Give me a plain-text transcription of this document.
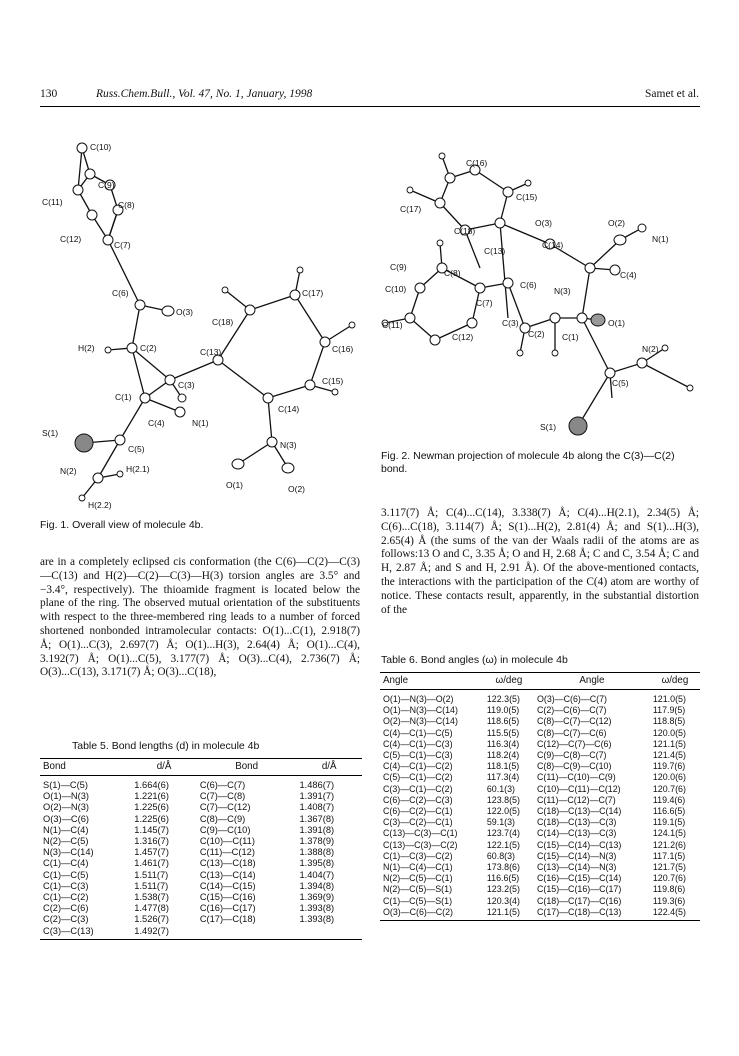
130	Russ.Chem.Bull., Vol. 47, No. 1, January, 1998	Samet et al.
C(10)
C(9)
C(11)	C(8)
C(12)
C(7)
C(6)
O(3)
C(17)
C(18)
H(2)	C(2)	C(13)	C(16)
C(3)	C(15)
C(1)
C(4)	N(1)
C(14)
S(1)
C(5)	N(3)
N(2)	H(2.1)
O(1)	O(2)
H(2.2)
Fig. 1. Overall view of molecule 4b.
C(16)
C(17)
C(15)
O(3)	O(2)
C(18)
N(1)
C(14)
C(13)
C(9)
C(8)	C(4)
C(10)	C(6)
N(3)
C(7)
C(11)	C(3)	O(1)
C(12)	C(2) C(1)
N(2)
C(5)
S(1)
Fig. 2. Newman projection of molecule 4b along the C(3)—C(2) bond.
are in a completely eclipsed cis conformation (the C(6)—C(2)—C(3)—C(13) and H(2)—C(2)—C(3)—H(3) torsion angles are 3.5° and −3.4°, respectively). The thioamide fragment is located below the plane of the ring. The observed mutual orientation of the substituents with respect to the three-membered ring leads to a number of forced shortened nonbonded intramolecular contacts: O(1)...C(1), 2.918(7) Å; O(1)...C(3), 2.697(7) Å; O(1)...H(3), 2.64(4) Å; O(1)...C(4), 3.192(7) Å; O(1)...C(5), 3.177(7) Å; O(3)...C(4), 2.736(7) Å; O(3)...C(13), 3.171(7) Å; O(3)...C(18),
3.117(7) Å; C(4)...C(14), 3.338(7) Å; C(4)...H(2.1), 2.34(5) Å; C(6)...C(18), 3.114(7) Å; S(1)...H(2), 2.81(4) Å; and S(1)...H(3), 2.65(4) Å (the sums of the van der Waals radii of the atoms are as follows:13 O and C, 3.35 Å; O and H, 2.68 Å; C and C, 3.54 Å; C and H, 2.87 Å; and S and H, 2.91 Å). Of the above-mentioned contacts, the interactions with the participation of the C(4) atom are worthy of notice. These contacts result, apparently, in the substantial distortion of the
Table 5. Bond lengths (d) in molecule 4b
Bond	d/Å	Bond	d/Å
S(1)—C(5)	1.664(6)	C(6)—C(7)	1.486(7)
O(1)—N(3)	1.221(6)	C(7)—C(8)	1.391(7)
O(2)—N(3)	1.225(6)	C(7)—C(12)	1.408(7)
O(3)—C(6)	1.225(6)	C(8)—C(9)	1.367(8)
N(1)—C(4)	1.145(7)	C(9)—C(10)	1.391(8)
N(2)—C(5)	1.316(7)	C(10)—C(11)	1.378(9)
N(3)—C(14)	1.457(7)	C(11)—C(12)	1.388(8)
C(1)—C(4)	1.461(7)	C(13)—C(18)	1.395(8)
C(1)—C(5)	1.511(7)	C(13)—C(14)	1.404(7)
C(1)—C(3)	1.511(7)	C(14)—C(15)	1.394(8)
C(1)—C(2)	1.538(7)	C(15)—C(16)	1.369(9)
C(2)—C(6)	1.477(8)	C(16)—C(17)	1.393(8)
C(2)—C(3)	1.526(7)	C(17)—C(18)	1.393(8)
C(3)—C(13)	1.492(7)		
Table 6. Bond angles (ω) in molecule 4b
Angle	ω/deg	Angle	ω/deg
O(1)—N(3)—O(2)	122.3(5)	O(3)—C(6)—C(7)	121.0(5)
O(1)—N(3)—C(14)	119.0(5)	C(2)—C(6)—C(7)	117.9(5)
O(2)—N(3)—C(14)	118.6(5)	C(8)—C(7)—C(12)	118.8(5)
C(4)—C(1)—C(5)	115.5(5)	C(8)—C(7)—C(6)	120.0(5)
C(4)—C(1)—C(3)	116.3(4)	C(12)—C(7)—C(6)	121.1(5)
C(5)—C(1)—C(3)	118.2(4)	C(9)—C(8)—C(7)	121.4(5)
C(4)—C(1)—C(2)	118.1(5)	C(8)—C(9)—C(10)	119.7(6)
C(5)—C(1)—C(2)	117.3(4)	C(11)—C(10)—C(9)	120.0(6)
C(3)—C(1)—C(2)	60.1(3)	C(10)—C(11)—C(12)	120.7(6)
C(6)—C(2)—C(3)	123.8(5)	C(11)—C(12)—C(7)	119.4(6)
C(6)—C(2)—C(1)	122.0(5)	C(18)—C(13)—C(14)	116.6(5)
C(3)—C(2)—C(1)	59.1(3)	C(18)—C(13)—C(3)	119.1(5)
C(13)—C(3)—C(1)	123.7(4)	C(14)—C(13)—C(3)	124.1(5)
C(13)—C(3)—C(2)	122.1(5)	C(15)—C(14)—C(13)	121.2(6)
C(1)—C(3)—C(2)	60.8(3)	C(15)—C(14)—N(3)	117.1(5)
N(1)—C(4)—C(1)	173.8(6)	C(13)—C(14)—N(3)	121.7(5)
N(2)—C(5)—C(1)	116.6(5)	C(16)—C(15)—C(14)	120.7(6)
N(2)—C(5)—S(1)	123.2(5)	C(15)—C(16)—C(17)	119.8(6)
C(1)—C(5)—S(1)	120.3(4)	C(18)—C(17)—C(16)	119.3(6)
O(3)—C(6)—C(2)	121.1(5)	C(17)—C(18)—C(13)	122.4(5)
